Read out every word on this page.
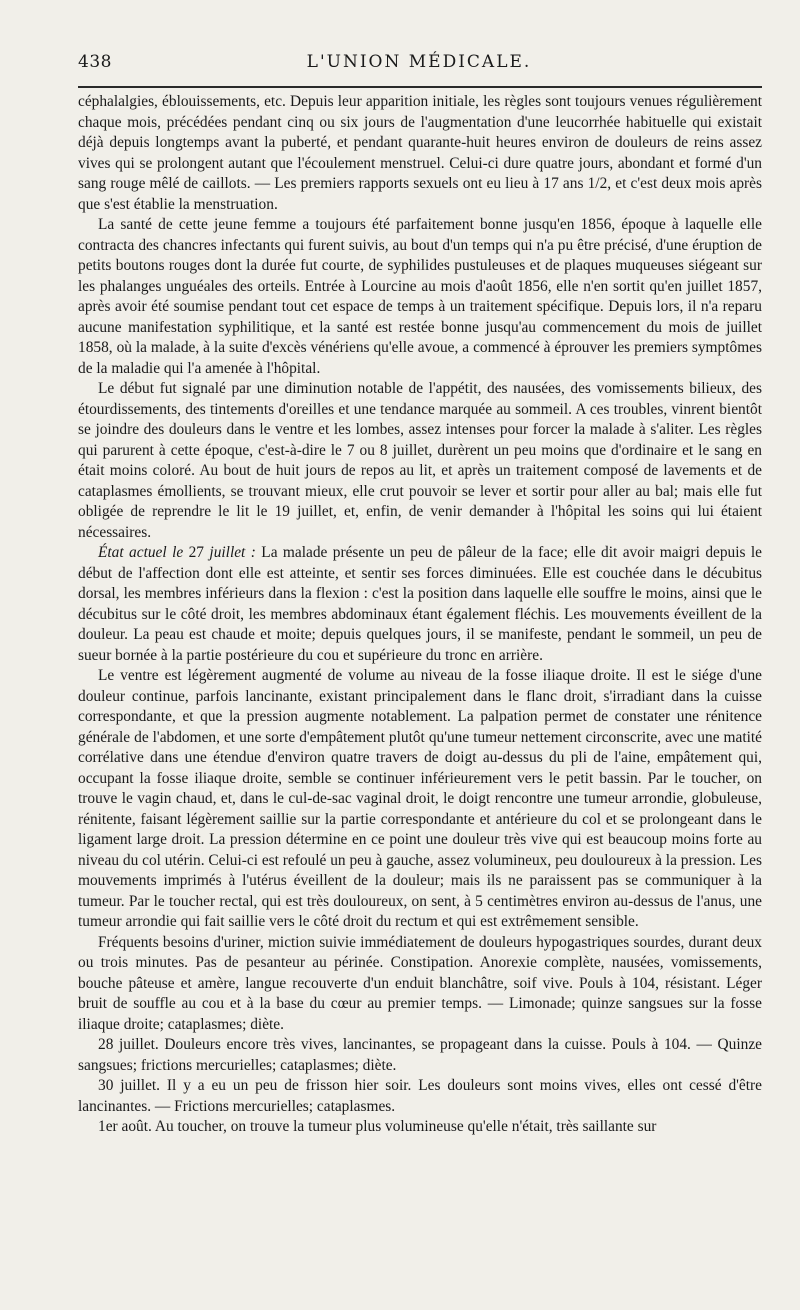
438	L'UNION MÉDICALE.

céphalalgies, éblouissements, etc. Depuis leur apparition initiale, les règles sont toujours venues régulièrement chaque mois, précédées pendant cinq ou six jours de l'augmentation d'une leucorrhée habituelle qui existait déjà depuis longtemps avant la puberté, et pendant quarante-huit heures environ de douleurs de reins assez vives qui se prolongent autant que l'écoulement menstruel. Celui-ci dure quatre jours, abondant et formé d'un sang rouge mêlé de caillots. — Les premiers rapports sexuels ont eu lieu à 17 ans 1/2, et c'est deux mois après que s'est établie la menstruation.

La santé de cette jeune femme a toujours été parfaitement bonne jusqu'en 1856, époque à laquelle elle contracta des chancres infectants qui furent suivis, au bout d'un temps qui n'a pu être précisé, d'une éruption de petits boutons rouges dont la durée fut courte, de syphilides pustuleuses et de plaques muqueuses siégeant sur les phalanges unguéales des orteils. Entrée à Lourcine au mois d'août 1856, elle n'en sortit qu'en juillet 1857, après avoir été soumise pendant tout cet espace de temps à un traitement spécifique. Depuis lors, il n'a reparu aucune manifestation syphilitique, et la santé est restée bonne jusqu'au commencement du mois de juillet 1858, où la malade, à la suite d'excès vénériens qu'elle avoue, a commencé à éprouver les premiers symptômes de la maladie qui l'a amenée à l'hôpital.

Le début fut signalé par une diminution notable de l'appétit, des nausées, des vomissements bilieux, des étourdissements, des tintements d'oreilles et une tendance marquée au sommeil. A ces troubles, vinrent bientôt se joindre des douleurs dans le ventre et les lombes, assez intenses pour forcer la malade à s'aliter. Les règles qui parurent à cette époque, c'est-à-dire le 7 ou 8 juillet, durèrent un peu moins que d'ordinaire et le sang en était moins coloré. Au bout de huit jours de repos au lit, et après un traitement composé de lavements et de cataplasmes émollients, se trouvant mieux, elle crut pouvoir se lever et sortir pour aller au bal; mais elle fut obligée de reprendre le lit le 19 juillet, et, enfin, de venir demander à l'hôpital les soins qui lui étaient nécessaires.

État actuel le 27 juillet : La malade présente un peu de pâleur de la face; elle dit avoir maigri depuis le début de l'affection dont elle est atteinte, et sentir ses forces diminuées. Elle est couchée dans le décubitus dorsal, les membres inférieurs dans la flexion : c'est la position dans laquelle elle souffre le moins, ainsi que le décubitus sur le côté droit, les membres abdominaux étant également fléchis. Les mouvements éveillent de la douleur. La peau est chaude et moite; depuis quelques jours, il se manifeste, pendant le sommeil, un peu de sueur bornée à la partie postérieure du cou et supérieure du tronc en arrière.

Le ventre est légèrement augmenté de volume au niveau de la fosse iliaque droite. Il est le siége d'une douleur continue, parfois lancinante, existant principalement dans le flanc droit, s'irradiant dans la cuisse correspondante, et que la pression augmente notablement. La palpation permet de constater une rénitence générale de l'abdomen, et une sorte d'empâtement plutôt qu'une tumeur nettement circonscrite, avec une matité corrélative dans une étendue d'environ quatre travers de doigt au-dessus du pli de l'aine, empâtement qui, occupant la fosse iliaque droite, semble se continuer inférieurement vers le petit bassin. Par le toucher, on trouve le vagin chaud, et, dans le cul-de-sac vaginal droit, le doigt rencontre une tumeur arrondie, globuleuse, rénitente, faisant légèrement saillie sur la partie correspondante et antérieure du col et se prolongeant dans le ligament large droit. La pression détermine en ce point une douleur très vive qui est beaucoup moins forte au niveau du col utérin. Celui-ci est refoulé un peu à gauche, assez volumineux, peu douloureux à la pression. Les mouvements imprimés à l'utérus éveillent de la douleur; mais ils ne paraissent pas se communiquer à la tumeur. Par le toucher rectal, qui est très douloureux, on sent, à 5 centimètres environ au-dessus de l'anus, une tumeur arrondie qui fait saillie vers le côté droit du rectum et qui est extrêmement sensible.

Fréquents besoins d'uriner, miction suivie immédiatement de douleurs hypogastriques sourdes, durant deux ou trois minutes. Pas de pesanteur au périnée. Constipation. Anorexie complète, nausées, vomissements, bouche pâteuse et amère, langue recouverte d'un enduit blanchâtre, soif vive. Pouls à 104, résistant. Léger bruit de souffle au cou et à la base du cœur au premier temps. — Limonade; quinze sangsues sur la fosse iliaque droite; cataplasmes; diète.

28 juillet. Douleurs encore très vives, lancinantes, se propageant dans la cuisse. Pouls à 104. — Quinze sangsues; frictions mercurielles; cataplasmes; diète.

30 juillet. Il y a eu un peu de frisson hier soir. Les douleurs sont moins vives, elles ont cessé d'être lancinantes. — Frictions mercurielles; cataplasmes.

1er août. Au toucher, on trouve la tumeur plus volumineuse qu'elle n'était, très saillante sur
